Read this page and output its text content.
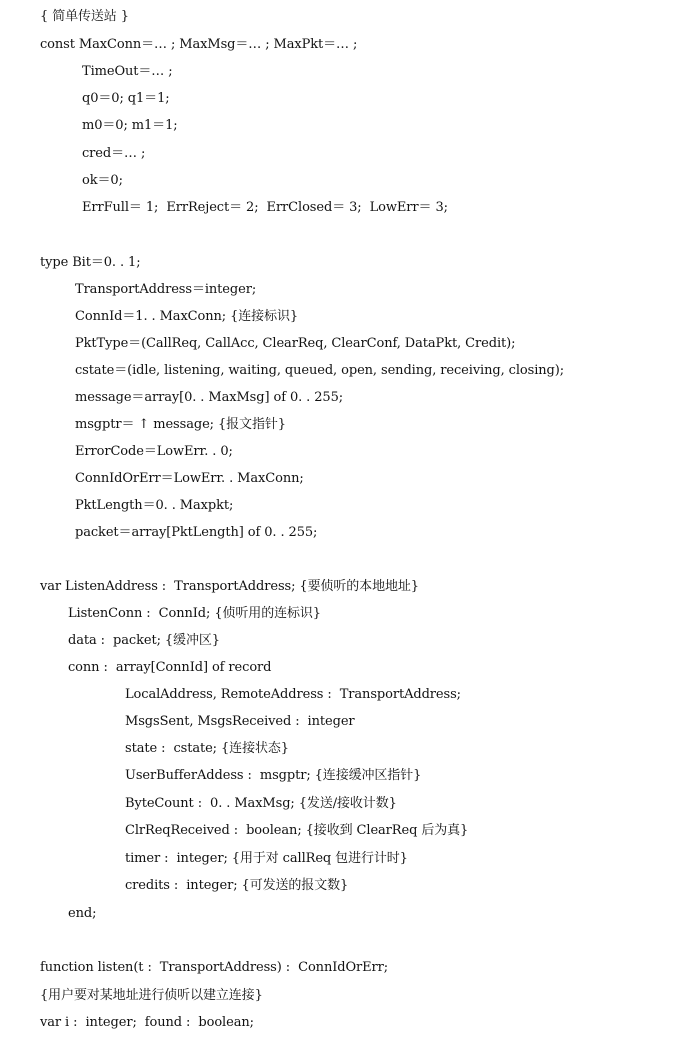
{ 简单传送站 }
const MaxConn＝… ; MaxMsg＝… ; MaxPkt＝… ;
TimeOut＝… ;
q0＝0; q1＝1;
m0＝0; m1＝1;
cred＝… ;
ok＝0;
ErrFull＝ 1;  ErrReject＝ 2;  ErrClosed＝ 3;  LowErr＝ 3;
type Bit＝0. . 1;
TransportAddress＝integer;
ConnId＝1. . MaxConn; {连接标识}
PktType＝(CallReq, CallAcc, ClearReq, ClearConf, DataPkt, Credit);
cstate＝(idle, listening, waiting, queued, open, sending, receiving, closing);
message＝array[0. . MaxMsg] of 0. . 255;
msgptr＝ ↑ message; {报文指针}
ErrorCode＝LowErr. . 0;
ConnIdOrErr＝LowErr. . MaxConn;
PktLength＝0. . Maxpkt;
packet＝array[PktLength] of 0. . 255;
var ListenAddress :  TransportAddress; {要侦听的本地地址}
ListenConn :  ConnId; {侦听用的连标识}
data :  packet; {缓冲区}
conn :  array[ConnId] of record
LocalAddress, RemoteAddress :  TransportAddress;
MsgsSent, MsgsReceived :  integer
state :  cstate; {连接状态}
UserBufferAddess :  msgptr; {连接缓冲区指针}
ByteCount :  0. . MaxMsg; {发送/接收计数}
ClrReqReceived :  boolean; {接收到 ClearReq 后为真}
timer :  integer; {用于对 callReq 包进行计时}
credits :  integer; {可发送的报文数}
end;
function listen(t :  TransportAddress) :  ConnIdOrErr;
{用户要对某地址进行侦听以建立连接}
var i :  integer;  found :  boolean;
